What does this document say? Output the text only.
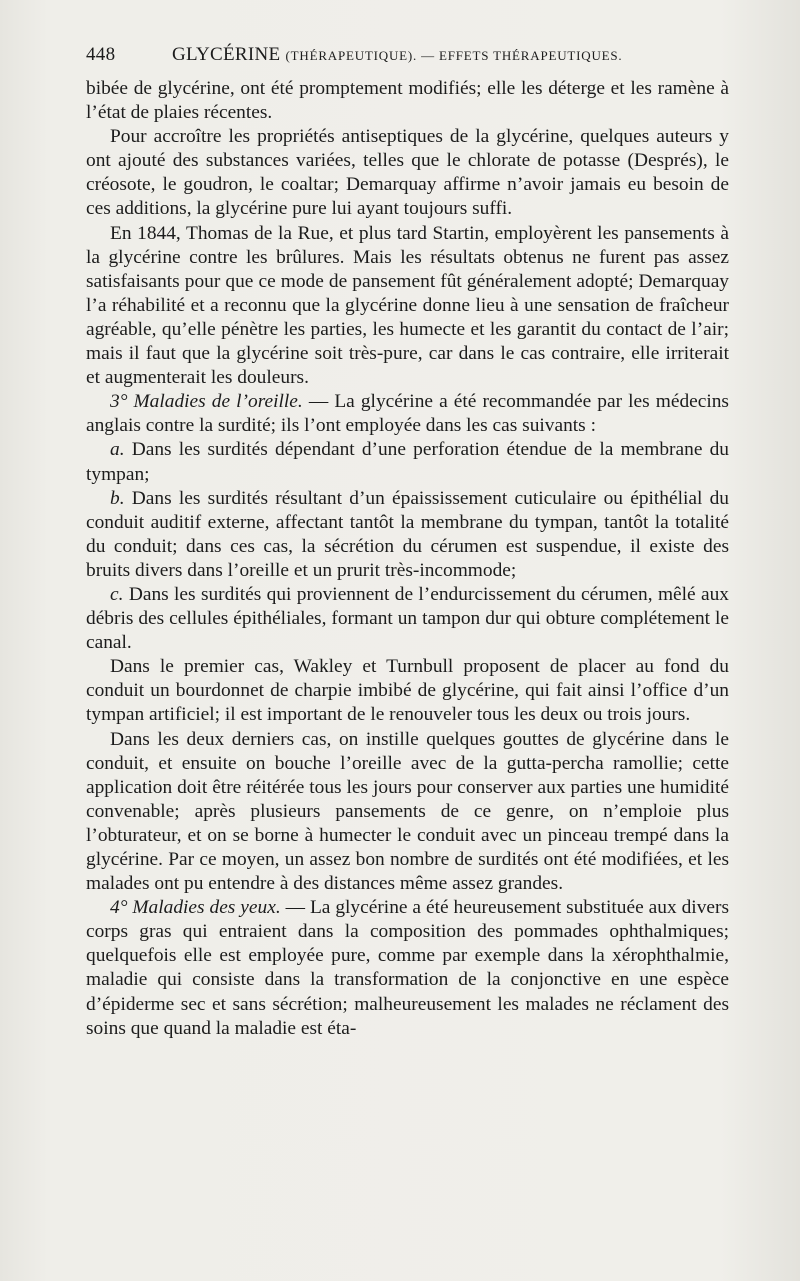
448	GLYCÉRINE (THÉRAPEUTIQUE). — EFFETS THÉRAPEUTIQUES.

bibée de glycérine, ont été promptement modifiés; elle les déterge et les ramène à l’état de plaies récentes.

Pour accroître les propriétés antiseptiques de la glycérine, quelques auteurs y ont ajouté des substances variées, telles que le chlorate de potasse (Després), le créosote, le goudron, le coaltar; Demarquay affirme n’avoir jamais eu besoin de ces additions, la glycérine pure lui ayant toujours suffi.

En 1844, Thomas de la Rue, et plus tard Startin, employèrent les pansements à la glycérine contre les brûlures. Mais les résultats obtenus ne furent pas assez satisfaisants pour que ce mode de pansement fût généralement adopté; Demarquay l’a réhabilité et a reconnu que la glycérine donne lieu à une sensation de fraîcheur agréable, qu’elle pénètre les parties, les humecte et les garantit du contact de l’air; mais il faut que la glycérine soit très-pure, car dans le cas contraire, elle irriterait et augmenterait les douleurs.

3° Maladies de l’oreille. — La glycérine a été recommandée par les médecins anglais contre la surdité; ils l’ont employée dans les cas suivants :

a. Dans les surdités dépendant d’une perforation étendue de la membrane du tympan;

b. Dans les surdités résultant d’un épaississement cuticulaire ou épithélial du conduit auditif externe, affectant tantôt la membrane du tympan, tantôt la totalité du conduit; dans ces cas, la sécrétion du cérumen est suspendue, il existe des bruits divers dans l’oreille et un prurit très-incommode;

c. Dans les surdités qui proviennent de l’endurcissement du cérumen, mêlé aux débris des cellules épithéliales, formant un tampon dur qui obture complétement le canal.

Dans le premier cas, Wakley et Turnbull proposent de placer au fond du conduit un bourdonnet de charpie imbibé de glycérine, qui fait ainsi l’office d’un tympan artificiel; il est important de le renouveler tous les deux ou trois jours.

Dans les deux derniers cas, on instille quelques gouttes de glycérine dans le conduit, et ensuite on bouche l’oreille avec de la gutta-percha ramollie; cette application doit être réitérée tous les jours pour conserver aux parties une humidité convenable; après plusieurs pansements de ce genre, on n’emploie plus l’obturateur, et on se borne à humecter le conduit avec un pinceau trempé dans la glycérine. Par ce moyen, un assez bon nombre de surdités ont été modifiées, et les malades ont pu entendre à des distances même assez grandes.

4° Maladies des yeux. — La glycérine a été heureusement substituée aux divers corps gras qui entraient dans la composition des pommades ophthalmiques; quelquefois elle est employée pure, comme par exemple dans la xérophthalmie, maladie qui consiste dans la transformation de la conjonctive en une espèce d’épiderme sec et sans sécrétion; malheureusement les malades ne réclament des soins que quand la maladie est éta-
